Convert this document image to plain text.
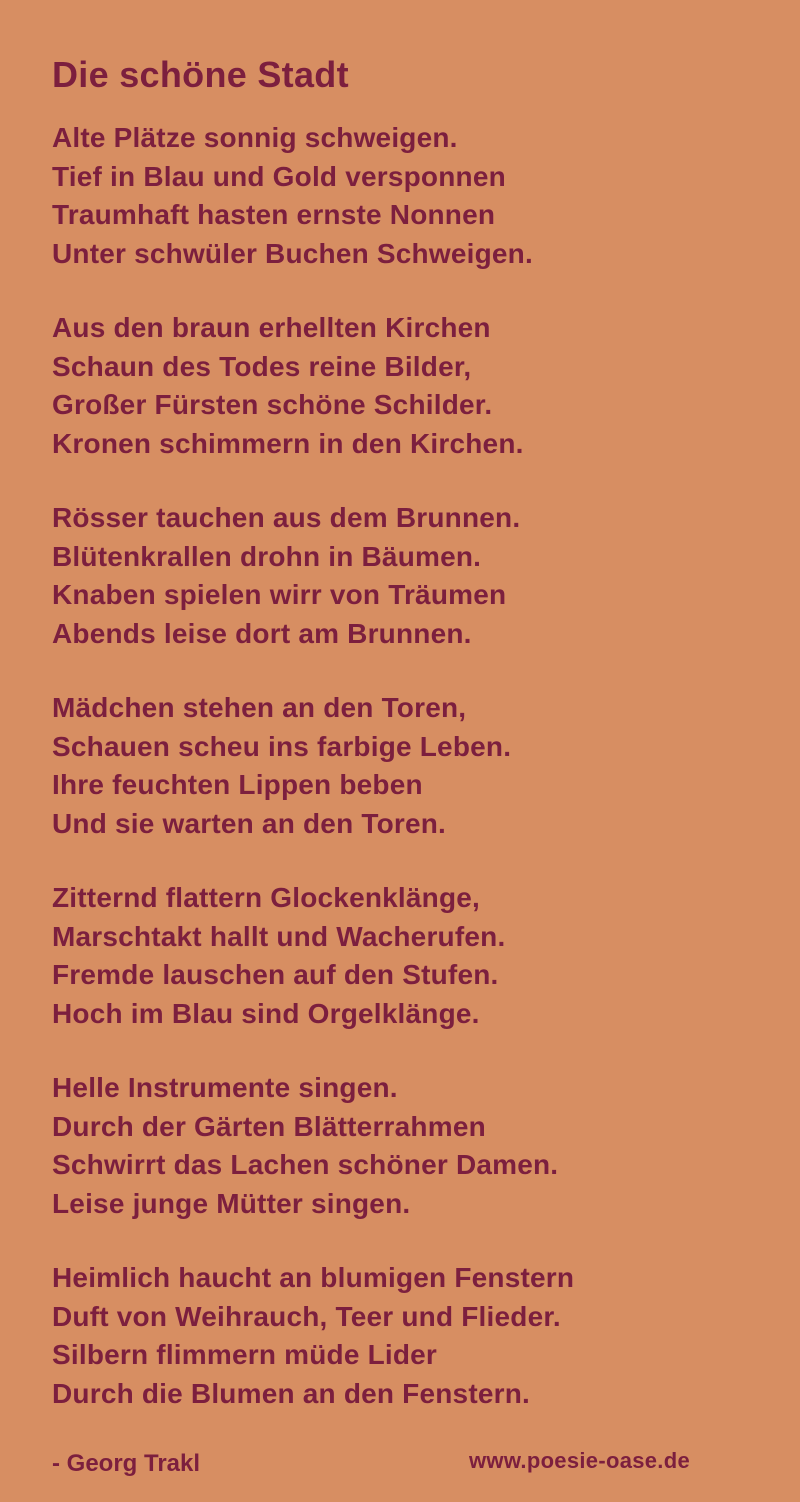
Die schöne Stadt
Alte Plätze sonnig schweigen.
Tief in Blau und Gold versponnen
Traumhaft hasten ernste Nonnen
Unter schwüler Buchen Schweigen.
Aus den braun erhellten Kirchen
Schaun des Todes reine Bilder,
Großer Fürsten schöne Schilder.
Kronen schimmern in den Kirchen.
Rösser tauchen aus dem Brunnen.
Blütenkrallen drohn in Bäumen.
Knaben spielen wirr von Träumen
Abends leise dort am Brunnen.
Mädchen stehen an den Toren,
Schauen scheu ins farbige Leben.
Ihre feuchten Lippen beben
Und sie warten an den Toren.
Zitternd flattern Glockenklänge,
Marschtakt hallt und Wacherufen.
Fremde lauschen auf den Stufen.
Hoch im Blau sind Orgelklänge.
Helle Instrumente singen.
Durch der Gärten Blätterrahmen
Schwirrt das Lachen schöner Damen.
Leise junge Mütter singen.
Heimlich haucht an blumigen Fenstern
Duft von Weihrauch, Teer und Flieder.
Silbern flimmern müde Lider
Durch die Blumen an den Fenstern.
- Georg Trakl	www.poesie-oase.de
